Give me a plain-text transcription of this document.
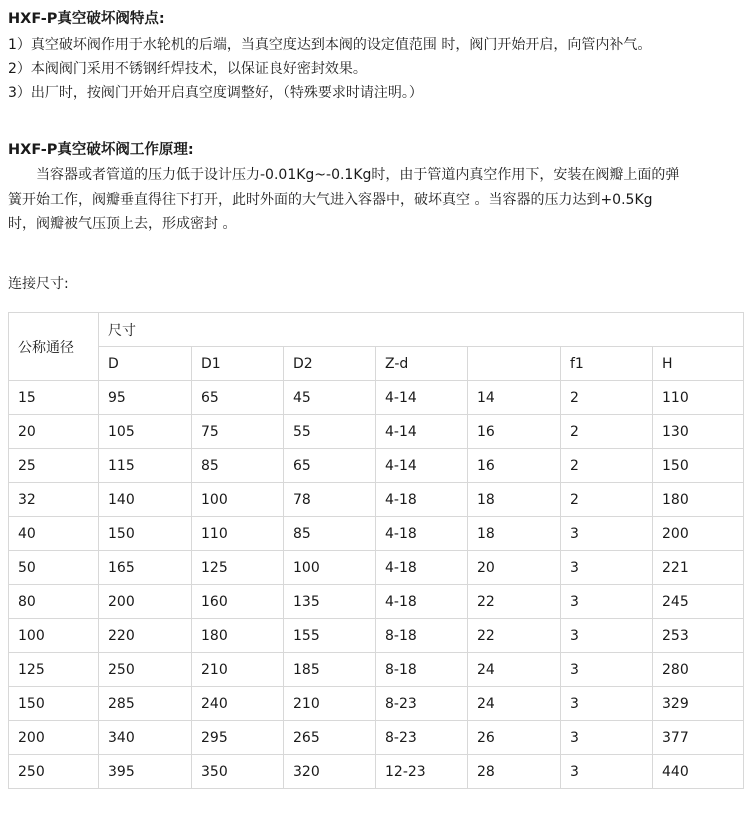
HXF-P真空破坏阀特点:
1）真空破坏阀作用于水轮机的后端，当真空度达到本阀的设定值范围 时，阀门开始开启，向管内补气。
2）本阀阀门采用不锈钢纤焊技术，以保证良好密封效果。
3）出厂时，按阀门开始开启真空度调整好，（特殊要求时请注明。）
HXF-P真空破坏阀工作原理:
当容器或者管道的压力低于设计压力-0.01Kg~-0.1Kg时，由于管道内真空作用下，安装在阀瓣上面的弹
簧开始工作，阀瓣垂直得往下打开，此时外面的大气进入容器中，破坏真空 。当容器的压力达到+0.5Kg
时，阀瓣被气压顶上去，形成密封 。
连接尺寸:
公称通径	尺寸						
	D	D1	D2	Z-d		f1	H
15	95	65	45	4-14	14	2	110
20	105	75	55	4-14	16	2	130
25	115	85	65	4-14	16	2	150
32	140	100	78	4-18	18	2	180
40	150	110	85	4-18	18	3	200
50	165	125	100	4-18	20	3	221
80	200	160	135	4-18	22	3	245
100	220	180	155	8-18	22	3	253
125	250	210	185	8-18	24	3	280
150	285	240	210	8-23	24	3	329
200	340	295	265	8-23	26	3	377
250	395	350	320	12-23	28	3	440
